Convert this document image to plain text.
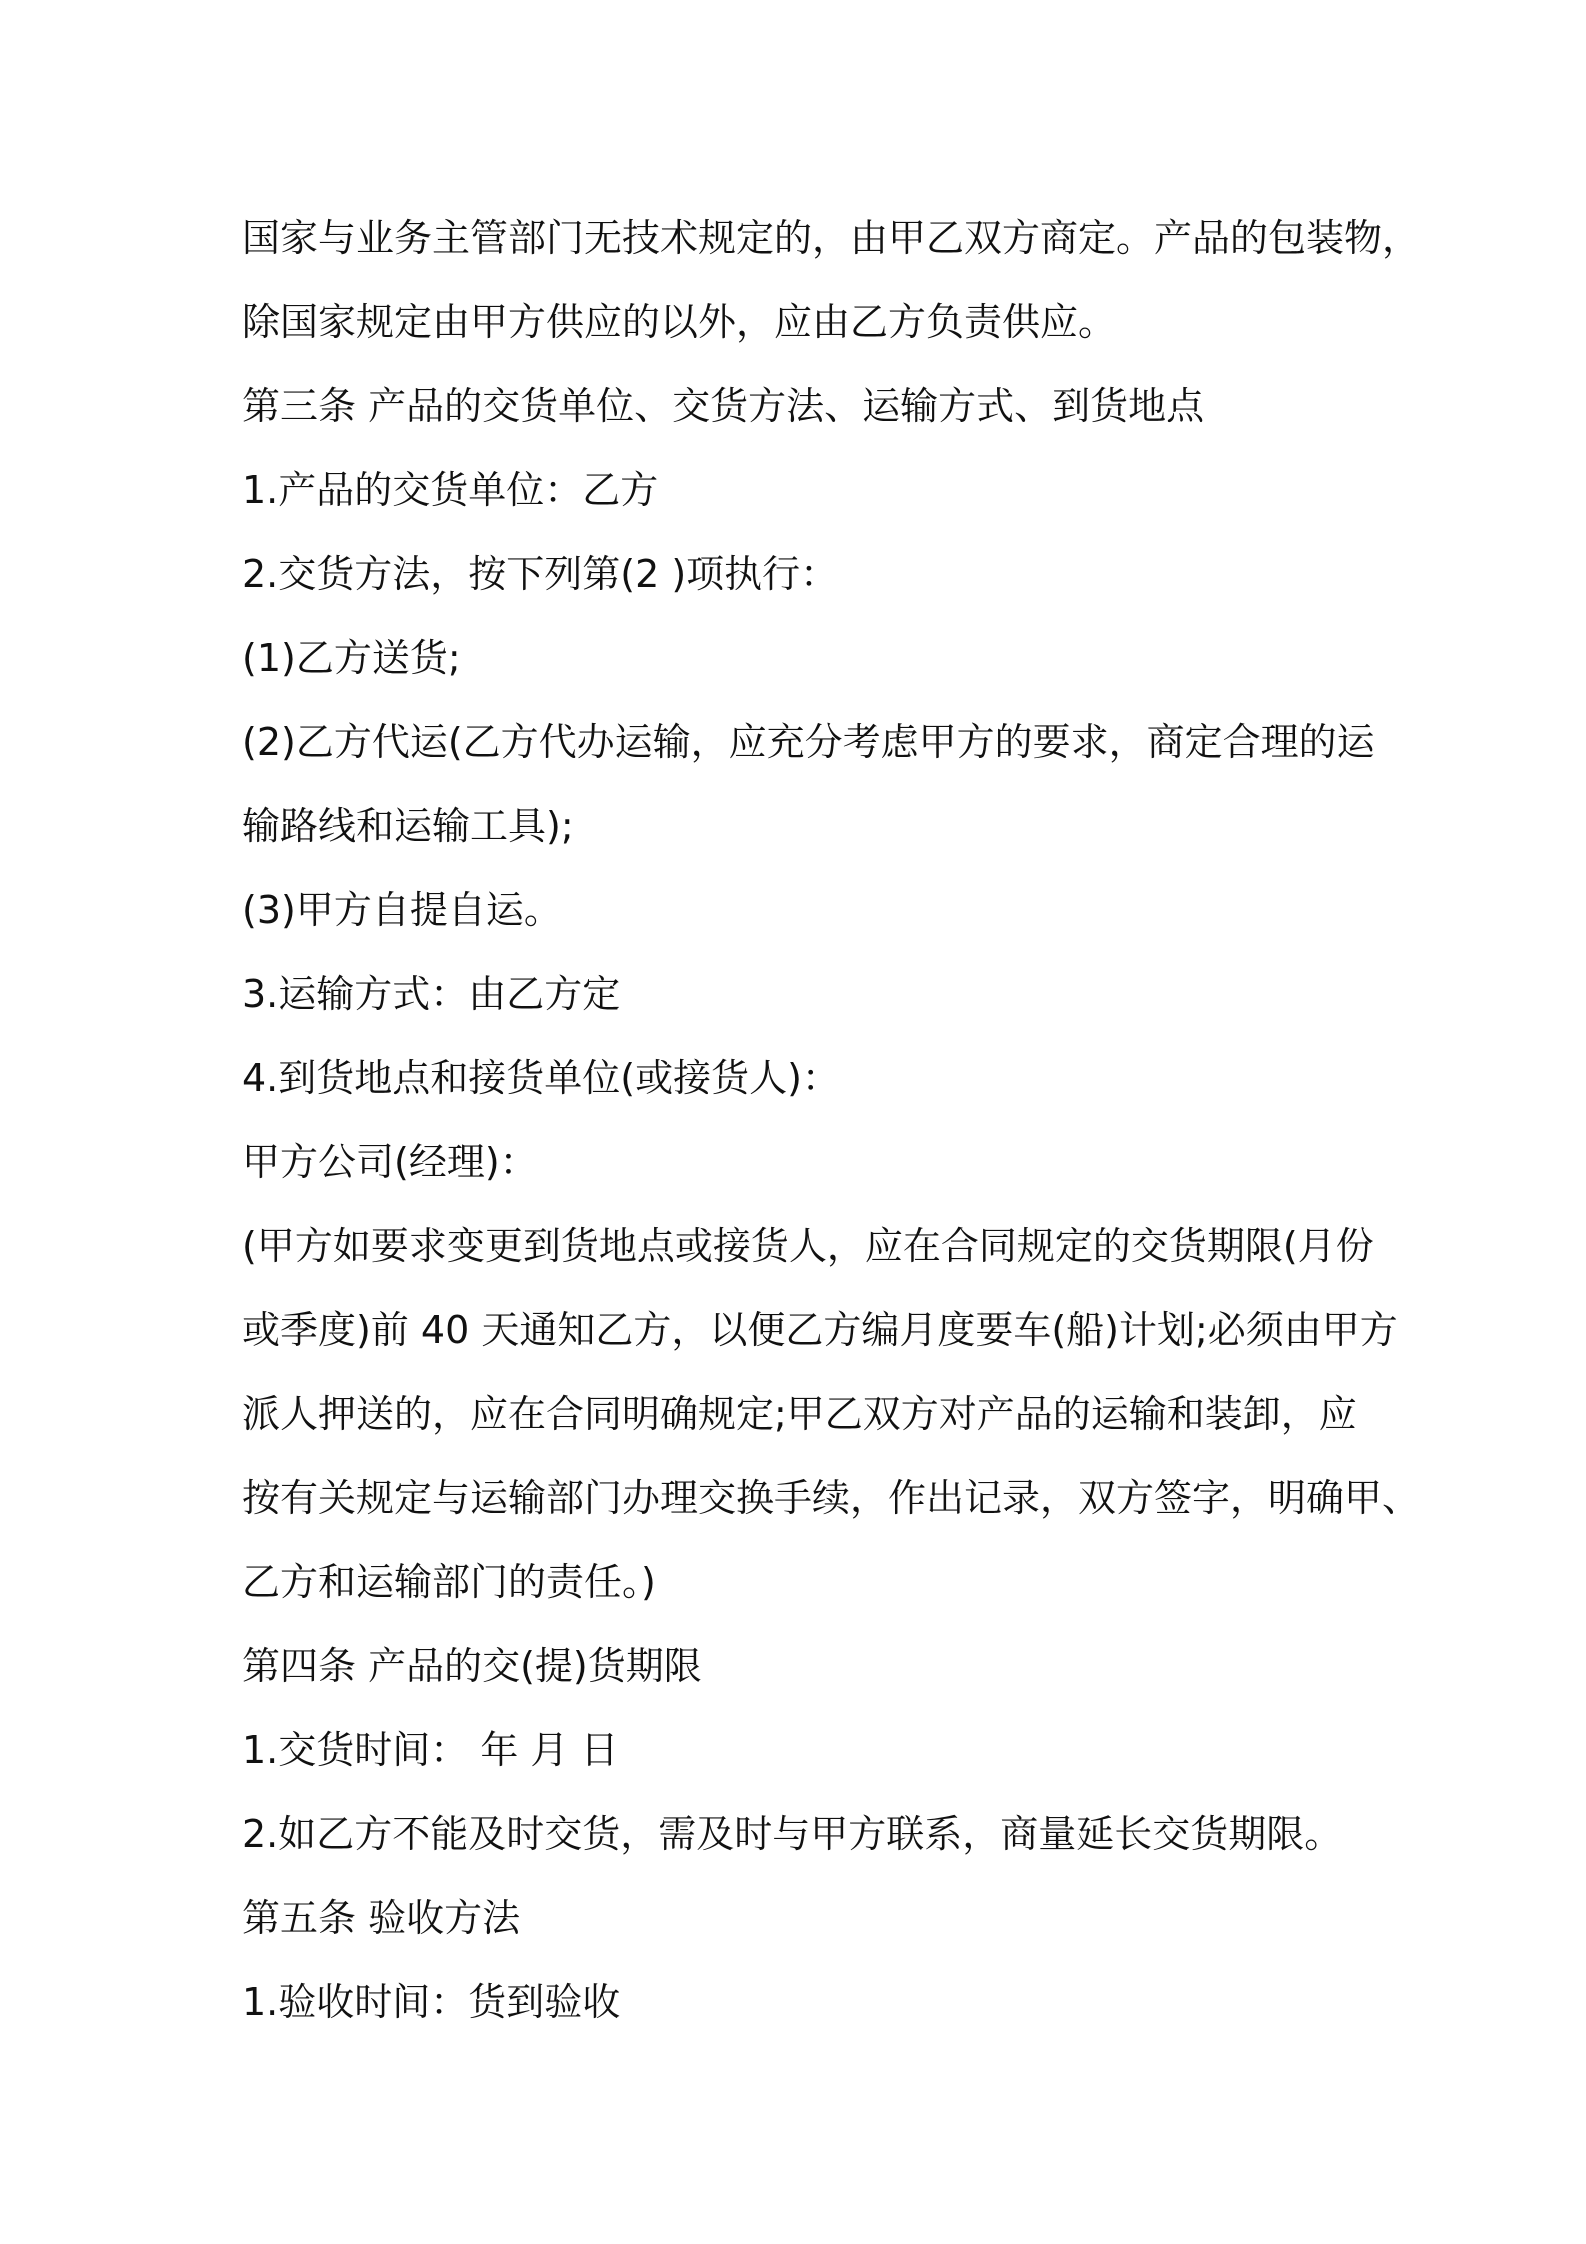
国家与业务主管部门无技术规定的，由甲乙双方商定。产品的包装物，
除国家规定由甲方供应的以外，应由乙方负责供应。
第三条 产品的交货单位、交货方法、运输方式、到货地点
1.产品的交货单位：乙方
2.交货方法，按下列第(2 )项执行：
(1)乙方送货;
(2)乙方代运(乙方代办运输，应充分考虑甲方的要求，商定合理的运
输路线和运输工具);
(3)甲方自提自运。
3.运输方式：由乙方定
4.到货地点和接货单位(或接货人)：
甲方公司(经理)：
(甲方如要求变更到货地点或接货人，应在合同规定的交货期限(月份
或季度)前 40 天通知乙方，以便乙方编月度要车(船)计划;必须由甲方
派人押送的，应在合同明确规定;甲乙双方对产品的运输和装卸，应
按有关规定与运输部门办理交换手续，作出记录，双方签字，明确甲、
乙方和运输部门的责任。)
第四条 产品的交(提)货期限
1.交货时间： 年 月 日
2.如乙方不能及时交货，需及时与甲方联系，商量延长交货期限。
第五条 验收方法
1.验收时间：货到验收
